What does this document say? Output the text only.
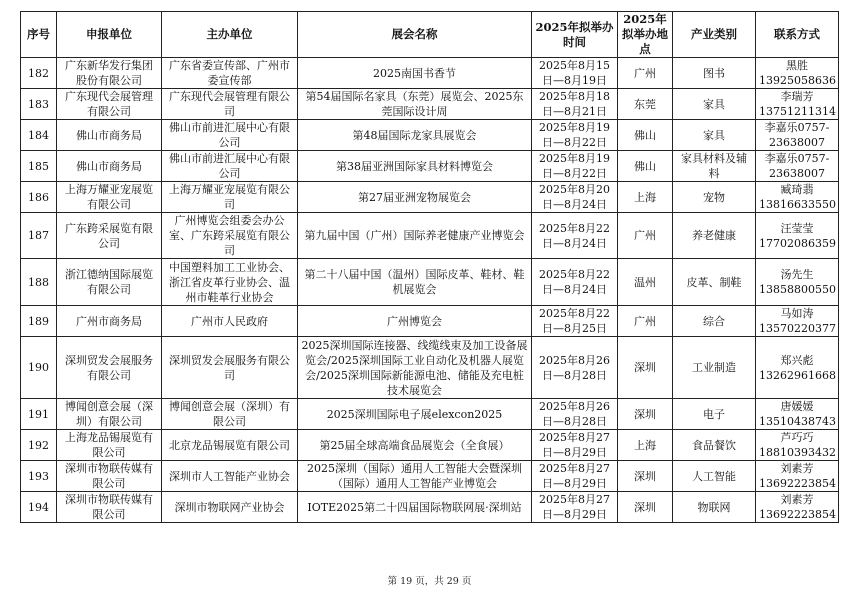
序号	申报单位	主办单位	展会名称	2025年拟举办时间	2025年拟举办地点	产业类别	联系方式
182	广东新华发行集团股份有限公司	广东省委宣传部、广州市委宣传部	2025南国书香节	2025年8月15日—8月19日	广州	图书	黑胜13925058636
183	广东现代会展管理有限公司	广东现代会展管理有限公司	第54届国际名家具（东莞）展览会、2025东莞国际设计周	2025年8月18日—8月21日	东莞	家具	李瑞芳13751211314
184	佛山市商务局	佛山市前进汇展中心有限公司	第48届国际龙家具展览会	2025年8月19日—8月22日	佛山	家具	李嘉乐0757-23638007
185	佛山市商务局	佛山市前进汇展中心有限公司	第38届亚洲国际家具材料博览会	2025年8月19日—8月22日	佛山	家具材料及辅料	李嘉乐0757-23638007
186	上海万耀亚宠展览有限公司	上海万耀亚宠展览有限公司	第27届亚洲宠物展览会	2025年8月20日—8月24日	上海	宠物	臧琦翡13816633550
187	广东跨采展览有限公司	广州博览会组委会办公室、广东跨采展览有限公司	第九届中国（广州）国际养老健康产业博览会	2025年8月22日—8月24日	广州	养老健康	汪莹莹17702086359
188	浙江德纳国际展览有限公司	中国塑料加工工业协会、浙江省皮革行业协会、温州市鞋革行业协会	第二十八届中国（温州）国际皮革、鞋材、鞋机展览会	2025年8月22日—8月24日	温州	皮革、制鞋	汤先生13858800550
189	广州市商务局	广州市人民政府	广州博览会	2025年8月22日—8月25日	广州	综合	马如涛13570220377
190	深圳贸发会展服务有限公司	深圳贸发会展服务有限公司	2025深圳国际连接器、线缆线束及加工设备展览会/2025深圳国际工业自动化及机器人展览会/2025深圳国际新能源电池、储能及充电桩技术展览会	2025年8月26日—8月28日	深圳	工业制造	郑兴彪13262961668
191	博闻创意会展（深圳）有限公司	博闻创意会展（深圳）有限公司	2025深圳国际电子展elexcon2025	2025年8月26日—8月28日	深圳	电子	唐媛媛13510438743
192	上海龙品锡展览有限公司	北京龙品锡展览有限公司	第25届全球高端食品展览会（全食展）	2025年8月27日—8月29日	上海	食品餐饮	芦巧巧18810393432
193	深圳市物联传媒有限公司	深圳市人工智能产业协会	2025深圳（国际）通用人工智能大会暨深圳（国际）通用人工智能产业博览会	2025年8月27日—8月29日	深圳	人工智能	刘素芳13692223854
194	深圳市物联传媒有限公司	深圳市物联网产业协会	IOTE2025第二十四届国际物联网展·深圳站	2025年8月27日—8月29日	深圳	物联网	刘素芳13692223854
第 19 页，共 29 页
